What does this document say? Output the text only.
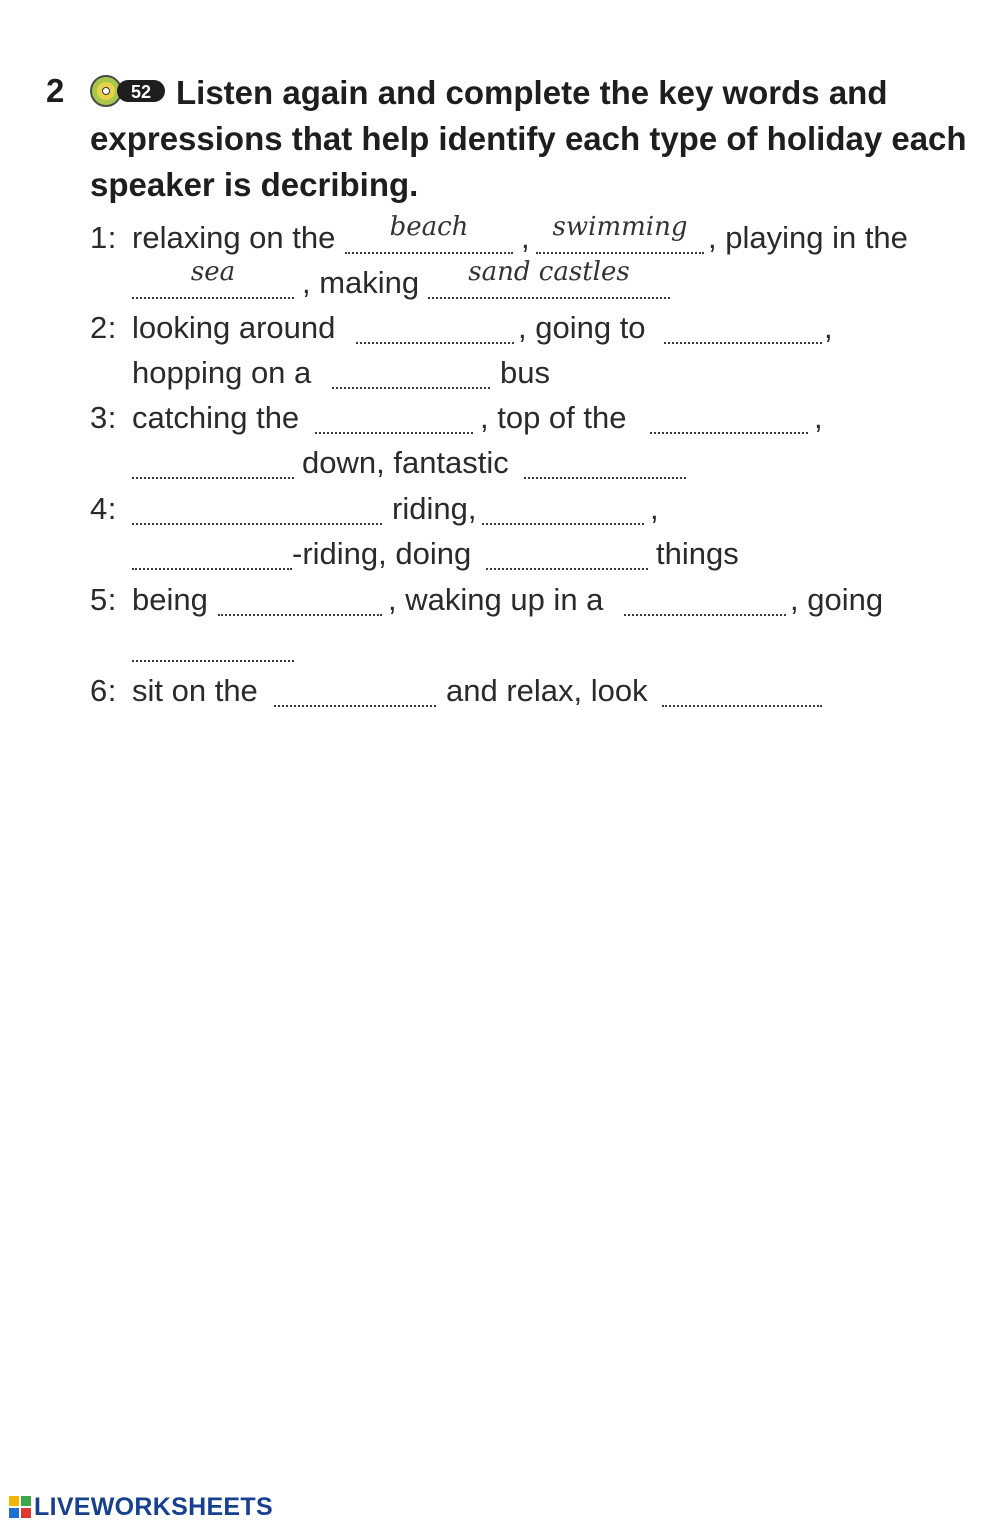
2	52 Listen again and complete the key words and expressions that help identify each type of holiday each speaker is decribing.
1: relaxing on the	beach	, swimming , playing in the
sea	, making	sand castles
2: looking around	, going to	,
hopping on a	bus
3: catching the	, top of the	,
down, fantastic
4:	riding,	,
-riding, doing	things
5: being	, waking up in a	, going
6: sit on the	and relax, look
LIVEWORKSHEETS
